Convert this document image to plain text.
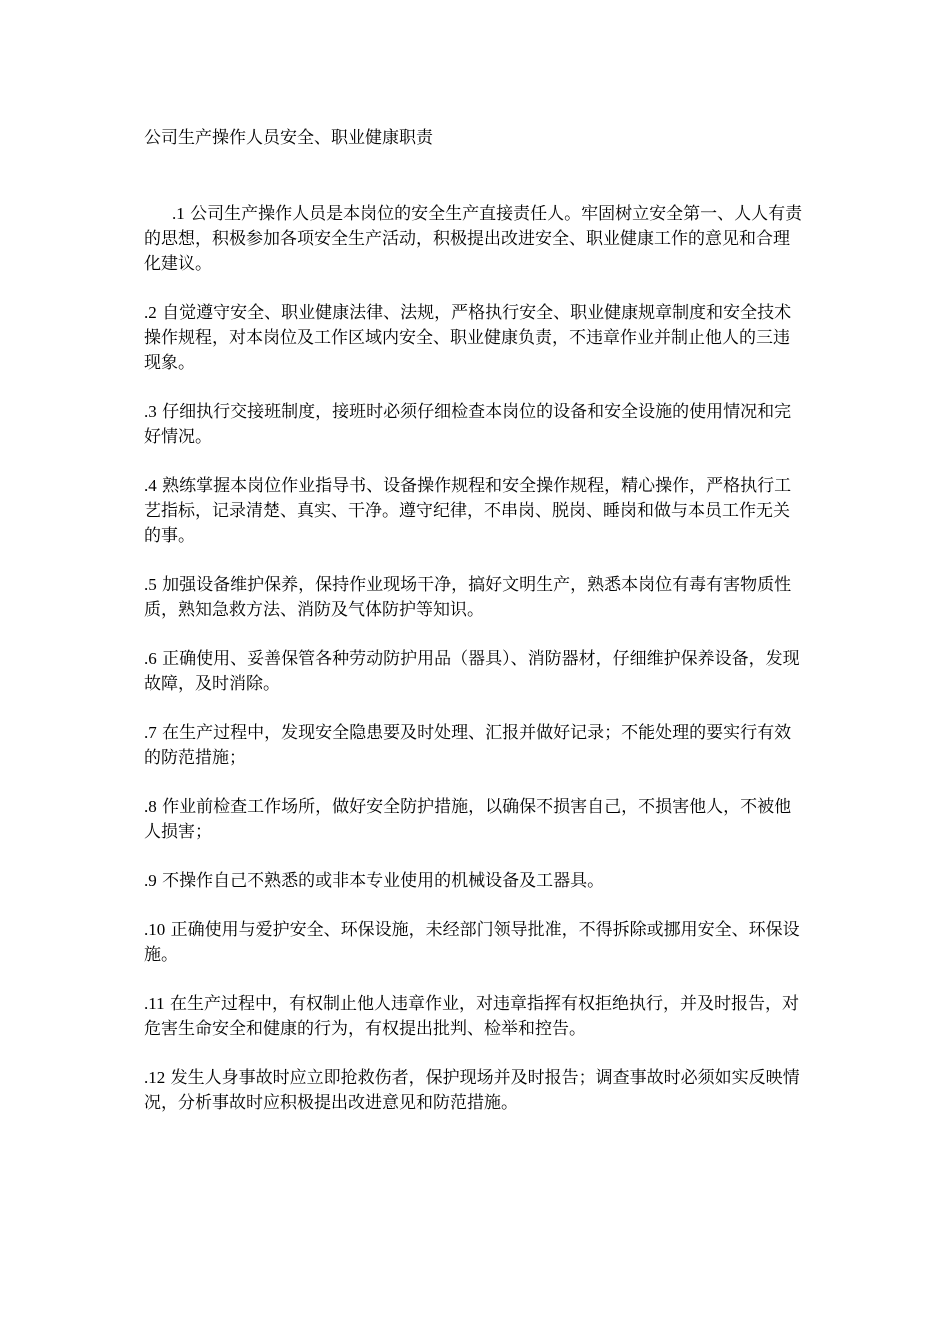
公司生产操作人员安全、职业健康职责
.1 公司生产操作人员是本岗位的安全生产直接责任人。牢固树立安全第一、人人有责的思想，积极参加各项安全生产活动，积极提出改进安全、职业健康工作的意见和合理化建议。
.2 自觉遵守安全、职业健康法律、法规，严格执行安全、职业健康规章制度和安全技术操作规程，对本岗位及工作区域内安全、职业健康负责，不违章作业并制止他人的三违现象。
.3 仔细执行交接班制度，接班时必须仔细检查本岗位的设备和安全设施的使用情况和完好情况。
.4 熟练掌握本岗位作业指导书、设备操作规程和安全操作规程，精心操作，严格执行工艺指标，记录清楚、真实、干净。遵守纪律，不串岗、脱岗、睡岗和做与本员工作无关的事。
.5 加强设备维护保养，保持作业现场干净，搞好文明生产，熟悉本岗位有毒有害物质性质，熟知急救方法、消防及气体防护等知识。
.6 正确使用、妥善保管各种劳动防护用品（器具）、消防器材，仔细维护保养设备，发现故障，及时消除。
.7 在生产过程中，发现安全隐患要及时处理、汇报并做好记录；不能处理的要实行有效的防范措施；
.8 作业前检查工作场所，做好安全防护措施，以确保不损害自己，不损害他人，不被他人损害；
.9 不操作自己不熟悉的或非本专业使用的机械设备及工器具。
.10 正确使用与爱护安全、环保设施，未经部门领导批准，不得拆除或挪用安全、环保设施。
.11 在生产过程中，有权制止他人违章作业，对违章指挥有权拒绝执行，并及时报告，对危害生命安全和健康的行为，有权提出批判、检举和控告。
.12 发生人身事故时应立即抢救伤者，保护现场并及时报告；调查事故时必须如实反映情况，分析事故时应积极提出改进意见和防范措施。
